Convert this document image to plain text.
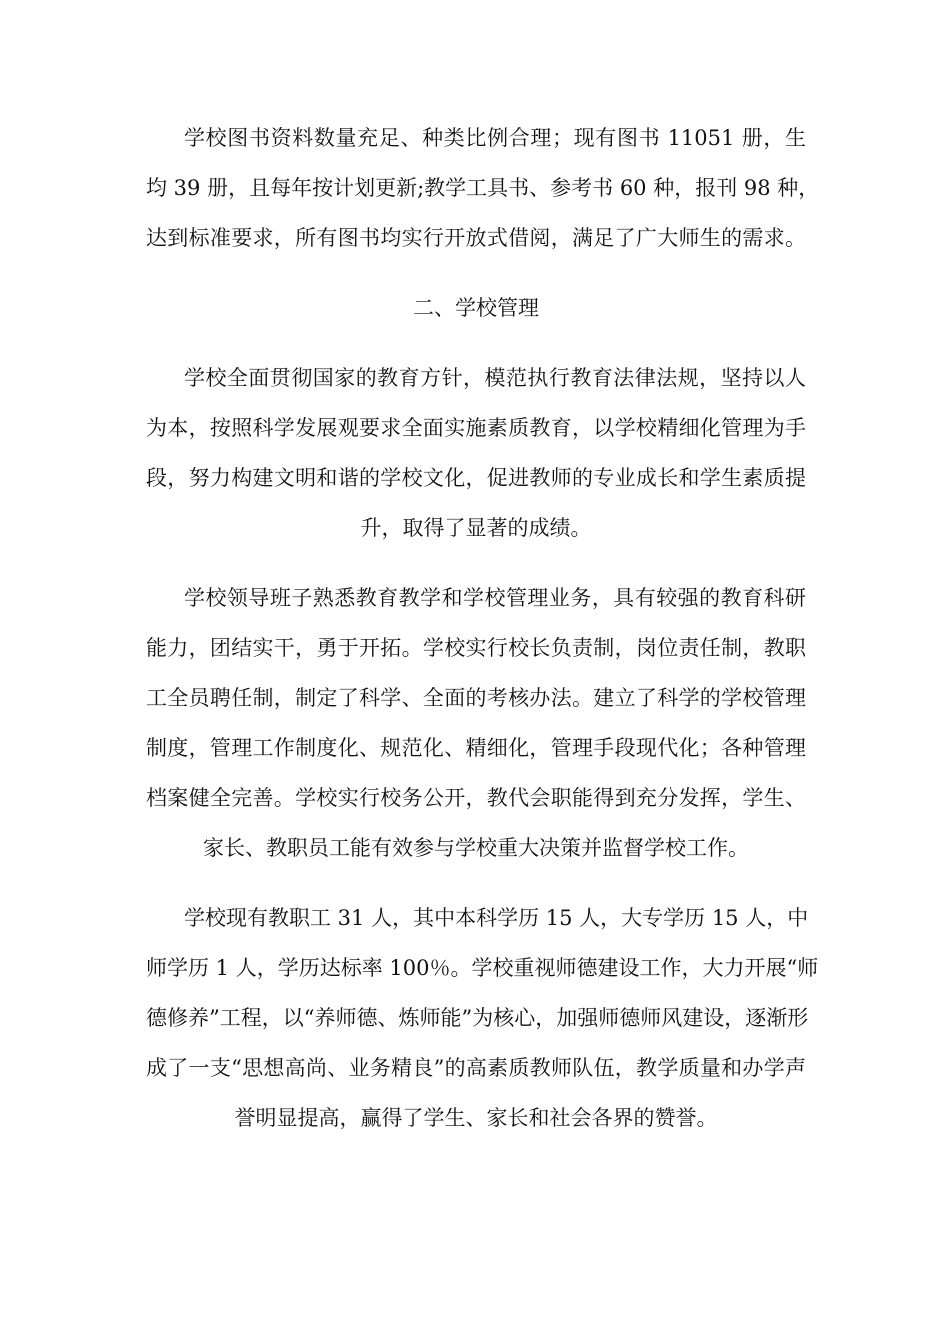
学校图书资料数量充足、种类比例合理；现有图书 11051 册，生
均 39 册，且每年按计划更新;教学工具书、参考书 60 种，报刊 98 种，
达到标准要求，所有图书均实行开放式借阅，满足了广大师生的需求。
二、学校管理
学校全面贯彻国家的教育方针，模范执行教育法律法规，坚持以人
为本，按照科学发展观要求全面实施素质教育，以学校精细化管理为手
段，努力构建文明和谐的学校文化，促进教师的专业成长和学生素质提
升，取得了显著的成绩。
学校领导班子熟悉教育教学和学校管理业务，具有较强的教育科研
能力，团结实干，勇于开拓。学校实行校长负责制，岗位责任制，教职
工全员聘任制，制定了科学、全面的考核办法。建立了科学的学校管理
制度，管理工作制度化、规范化、精细化，管理手段现代化；各种管理
档案健全完善。学校实行校务公开，教代会职能得到充分发挥，学生、
家长、教职员工能有效参与学校重大决策并监督学校工作。
学校现有教职工 31 人，其中本科学历 15 人，大专学历 15 人，中
师学历 1 人，学历达标率 100％。学校重视师德建设工作，大力开展“师
德修养”工程，以“养师德、炼师能”为核心，加强师德师风建设，逐渐形
成了一支“思想高尚、业务精良”的高素质教师队伍，教学质量和办学声
誉明显提高，赢得了学生、家长和社会各界的赞誉。
